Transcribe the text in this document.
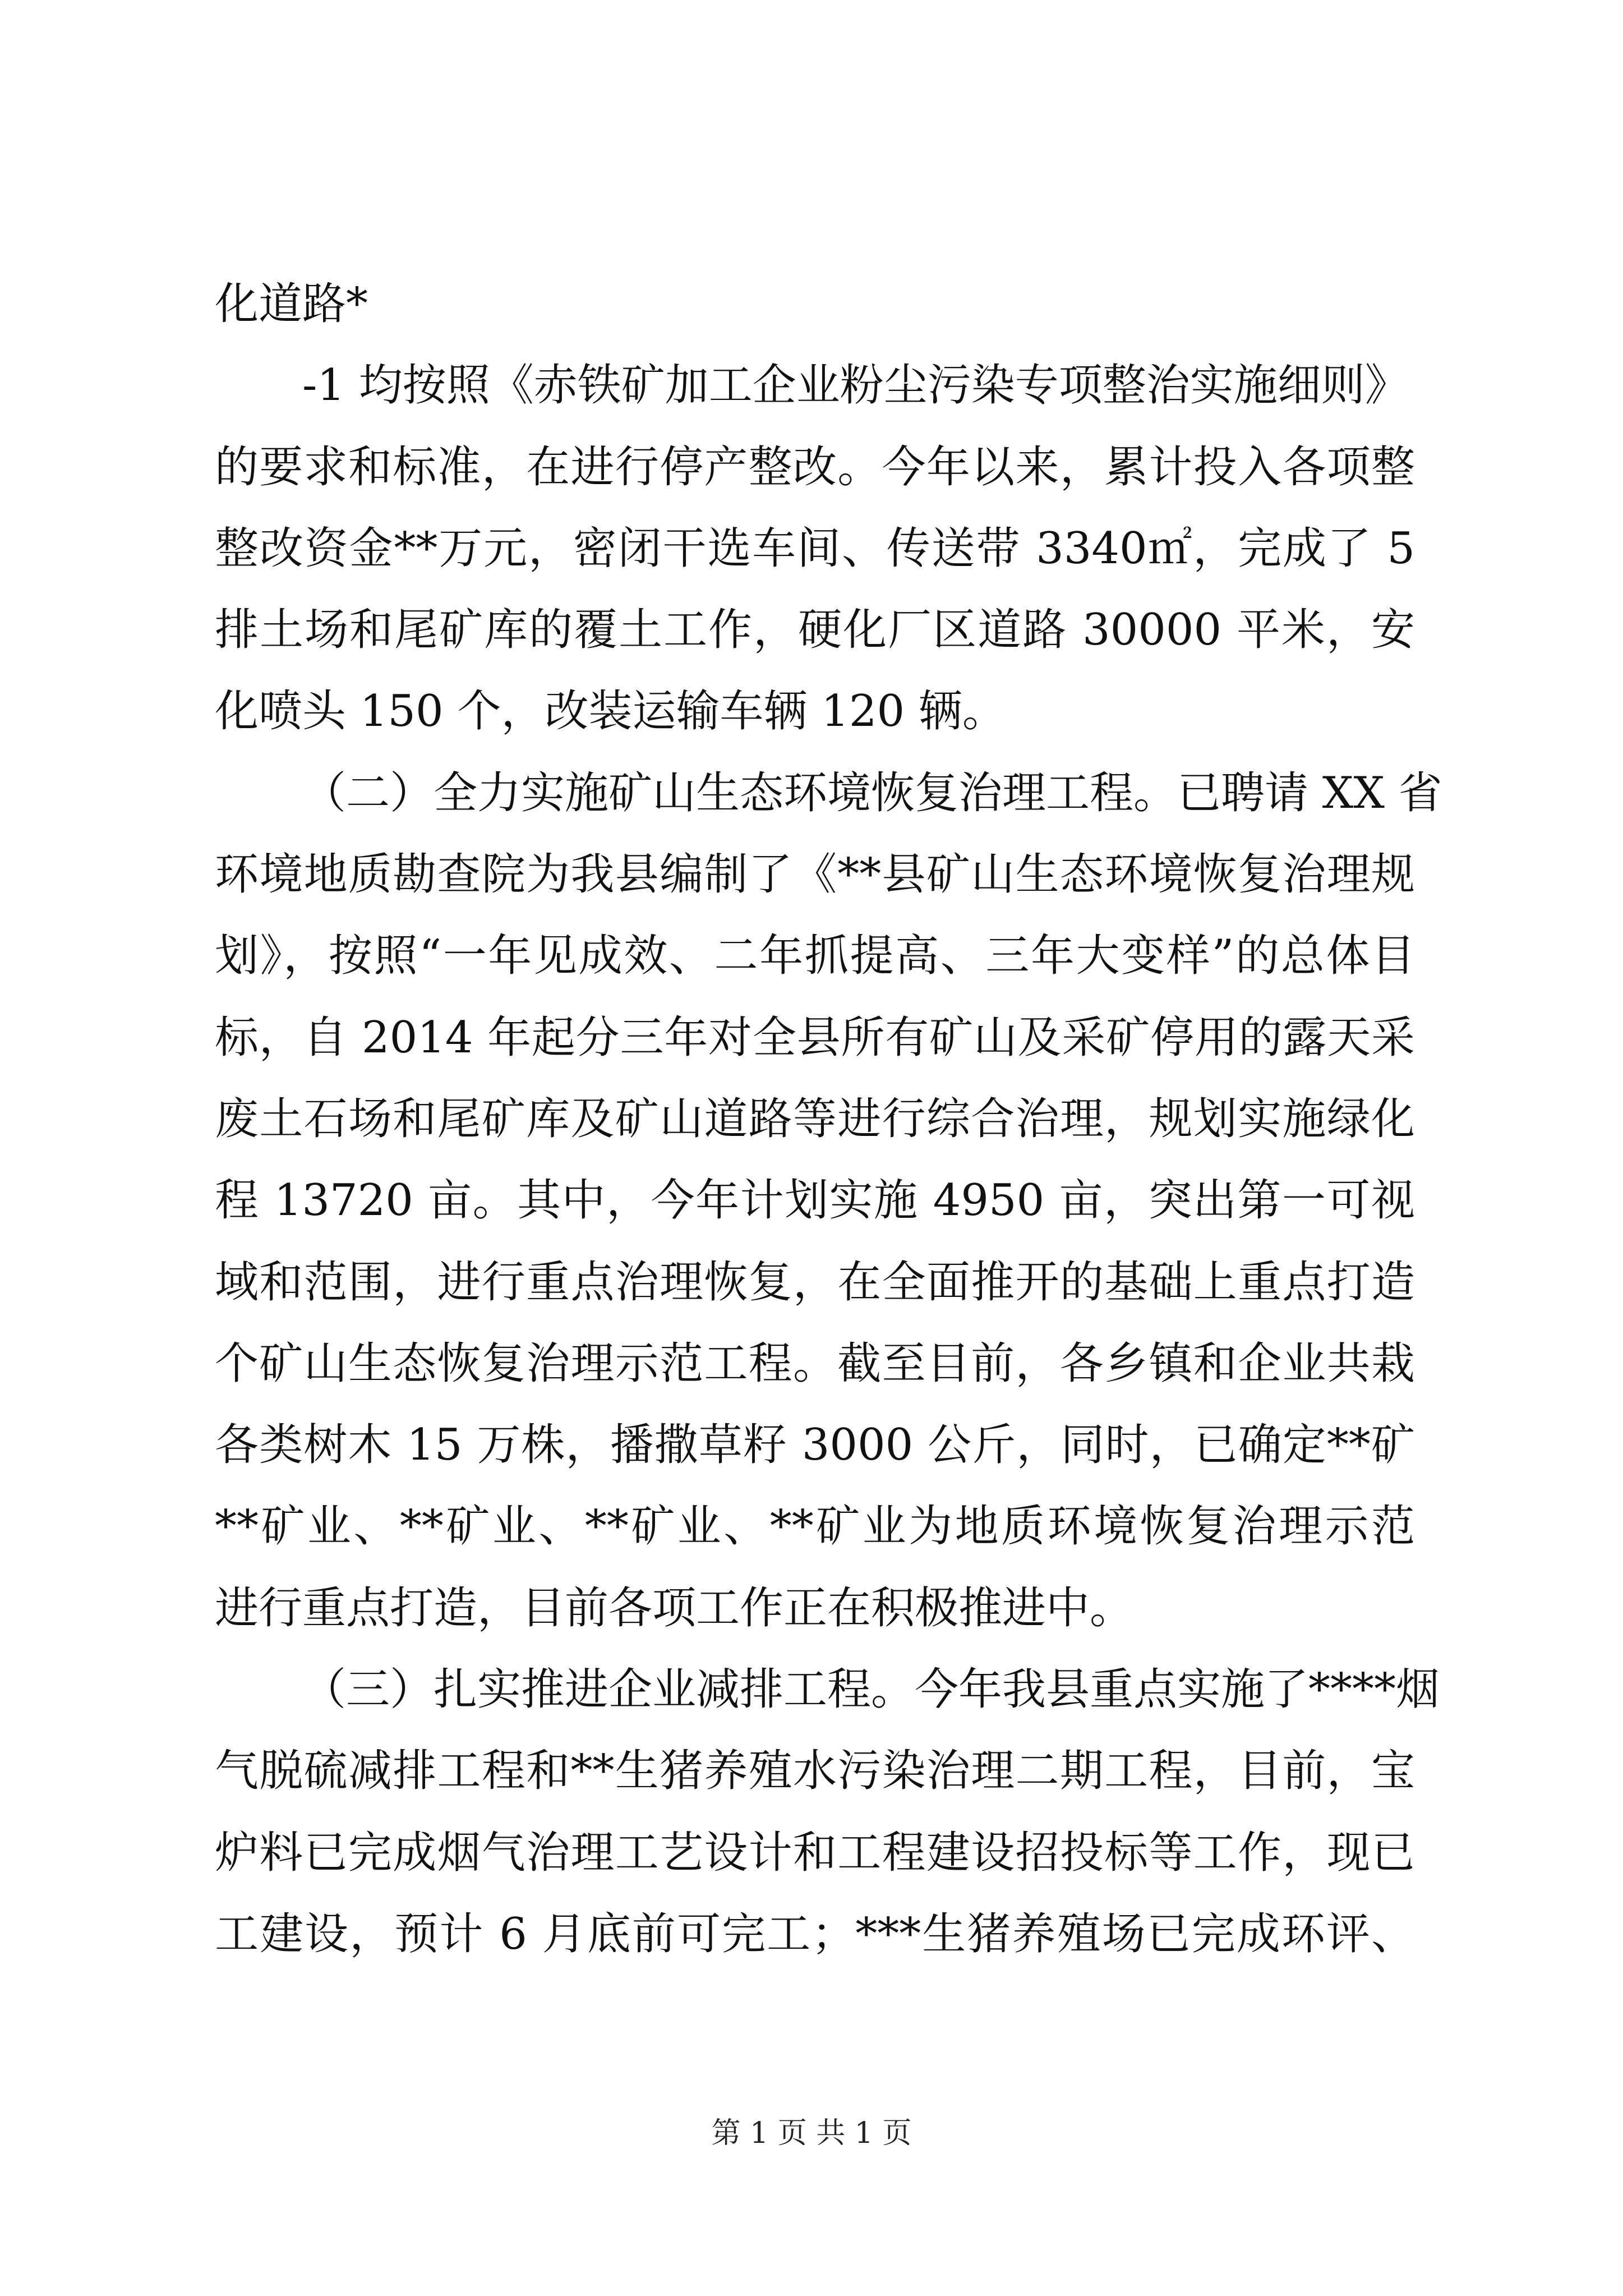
化道路*
-1 均按照《赤铁矿加工企业粉尘污染专项整治实施细则》
的要求和标准，在进行停产整改。今年以来，累计投入各项整
整改资金**万元，密闭干选车间、传送带 3340㎡，完成了 5
排土场和尾矿库的覆土工作，硬化厂区道路 30000 平米，安
化喷头 150 个，改装运输车辆 120 辆。
（二）全力实施矿山生态环境恢复治理工程。已聘请 XX 省
环境地质勘查院为我县编制了《**县矿山生态环境恢复治理规
划》，按照“一年见成效、二年抓提高、三年大变样”的总体目
标，自 2014 年起分三年对全县所有矿山及采矿停用的露天采
废土石场和尾矿库及矿山道路等进行综合治理，规划实施绿化
程 13720 亩。其中，今年计划实施 4950 亩，突出第一可视
域和范围，进行重点治理恢复，在全面推开的基础上重点打造
个矿山生态恢复治理示范工程。截至目前，各乡镇和企业共栽
各类树木 15 万株，播撒草籽 3000 公斤，同时，已确定**矿
**矿业、**矿业、**矿业、**矿业为地质环境恢复治理示范
进行重点打造，目前各项工作正在积极推进中。
（三）扎实推进企业减排工程。今年我县重点实施了****烟
气脱硫减排工程和**生猪养殖水污染治理二期工程，目前，宝
炉料已完成烟气治理工艺设计和工程建设招投标等工作，现已
工建设，预计 6 月底前可完工；***生猪养殖场已完成环评、
第 1 页 共 1 页
